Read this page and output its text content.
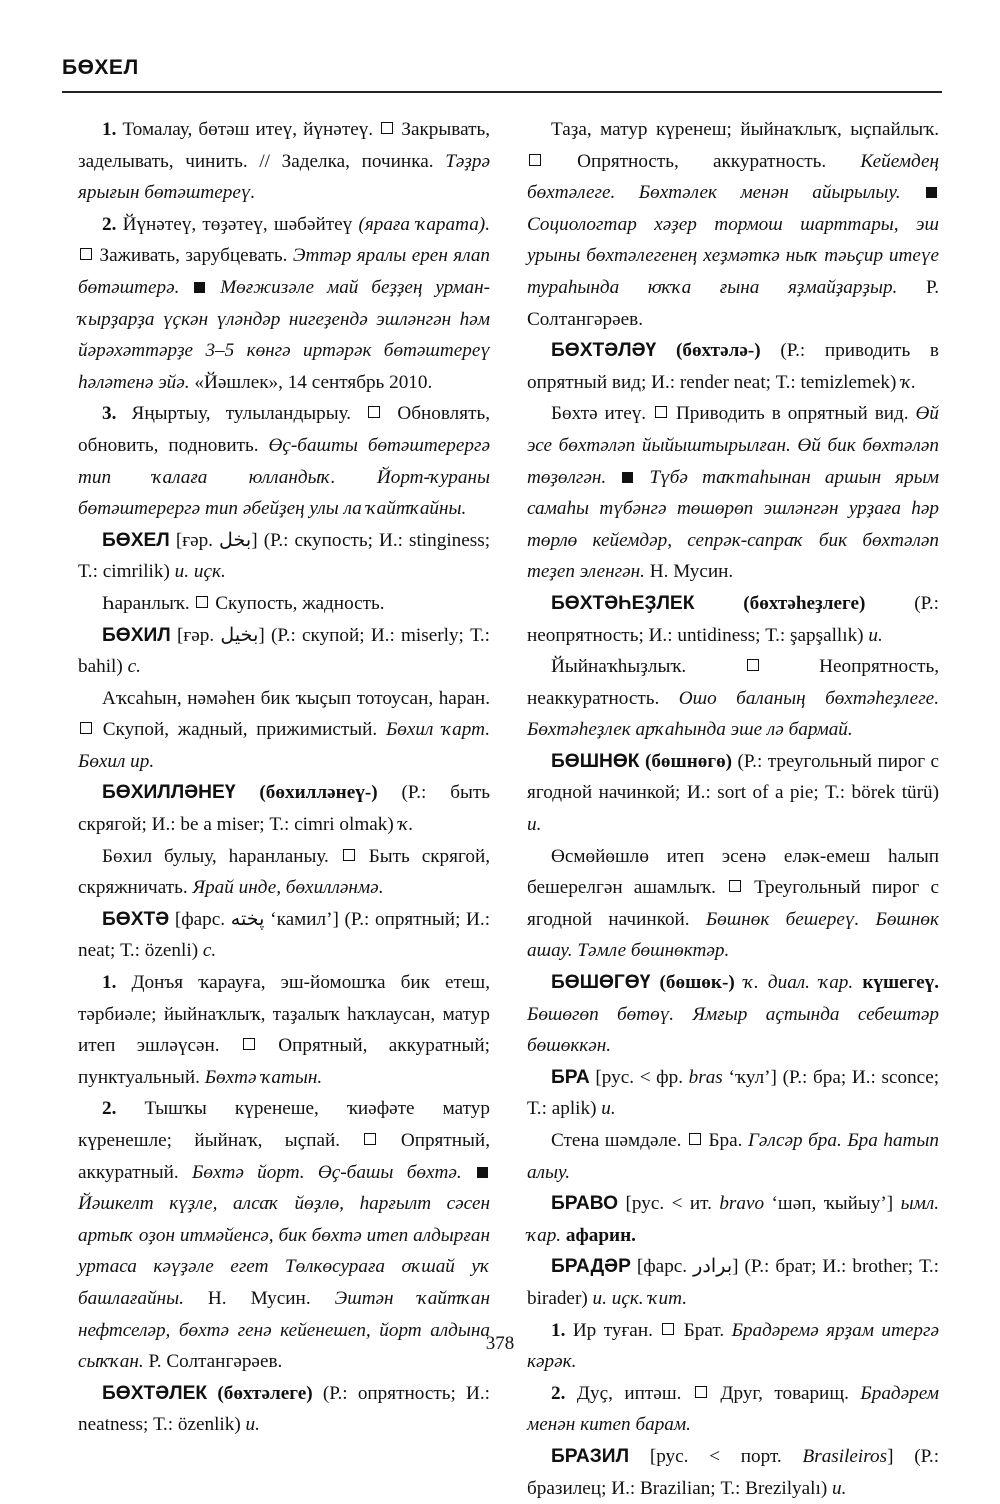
БӨХЕЛ

1. Томалау, бөтәш итеү, йүнәтеү. Закрывать, заделывать, чинить. // Заделка, починка. Тәҙрә ярығын бөтәштереү.

2. Йүнәтеү, төҙәтеү, шәбәйтеү (яраға ҡарата).  Заживать, зарубцевать. Эттәр яралы ерен ялап бөтәштерә. Мөғжизәле май беҙҙең урман-ҡырҙарҙа үҫкән үләндәр нигеҙендә эшләнгән һәм йәрәхәттәрҙе 3–5 көнгә иртәрәк бөтәштереү һәләтенә эйә. «Йәшлек», 14 сентябрь 2010.

3. Яңыртыу, тулыландырыу. Обновлять, обновить, подновить. Өҫ-башты бөтәштерергә тип ҡалаға юлландыҡ. Йорт-ҡураны бөтәштерергә тип әбейҙең улы ла ҡайтҡайны.

БӨХЕЛ [ғәр. بخل] (Р.: скупость; И.: stinginess; Т.: cimrilik) и. иҫк.

Һаранлыҡ. Скупость, жадность.

БӨХИЛ [ғәр. بخيل] (Р.: скупой; И.: miserly; Т.: bahil) с.

Аҡсаһын, нәмәһен бик ҡыҫып тотоусан, һаран.  Скупой, жадный, прижимистый. Бөхил ҡарт. Бөхил ир.

БӨХИЛЛӘНЕҮ (бөхилләнеү-) (Р.: быть скрягой; И.: be a miser; Т.: cimri olmak) ҡ.

Бөхил булыу, һаранланыу. Быть скрягой, скряжничать. Ярай инде, бөхилләнмә.

БӨХТӘ [фарс. پخته ‘камил’] (Р.: опрятный; И.: neat; Т.: özenli) с.

1. Донъя ҡарауға, эш-йомошҡа бик етеш, тәрбиәле; йыйнаҡлыҡ, таҙалыҡ һаҡлаусан, матур итеп эшләүсән.	Опрятный, аккуратный; пунктуальный. Бөхтә ҡатын.

2. Тышҡы күренеше, ҡиәфәте матур күренешле; йыйнаҡ, ыҫпай.	Опрятный, аккуратный. Бөхтә йорт. Өҫ-башы бөхтә.  Йәшкелт күҙле, алсаҡ йөҙлө, һарғылт сәсен артыҡ оҙон итмәйенсә, бик бөхтә итеп алдырған уртаса кәүҙәле егет Төлкөсураға оҡшай уҡ башлағайны. Н. Мусин. Эштән ҡайтҡан нефтселәр, бөхтә генә кейенешеп, йорт алдына сыҡҡан. Р. Солтангәрәев.

БӨХТӘЛЕК (бөхтәлеге) (Р.: опрятность; И.: neatness; Т.: özenlik) и.

Таҙа, матур күренеш; йыйнаҡлыҡ, ыҫпайлыҡ.  Опрятность, аккуратность. Кейемдең бөхтәлеге. Бөхтәлек менән айырылыу.  Социологтар хәҙер тормош шарттары, эш урыны бөхтәлегенең хеҙмәткә ныҡ тәьҫир итеүе тураһында юҡҡа ғына яҙмайҙарҙыр. Р. Солтангәрәев.

БӨХТӘЛӘҮ (бөхтәлә-) (Р.: приводить в опрятный вид; И.: render neat; Т.: temizlemek) ҡ.

Бөхтә итеү. Приводить в опрятный вид. Өй эсе бөхтәләп йыйыштырылған. Өй бик бөхтәләп төҙөлгән. Түбә таҡтаһынан аршын ярым самаһы түбәнгә төшөрөп эшләнгән урҙаға һәр төрлө кейемдәр, сепрәк-сапраҡ бик бөхтәләп теҙеп эленгән. Н. Мусин.

БӨХТӘҺЕҘЛЕК	(бөхтәһеҙлеге)	(Р.: неопрятность; И.: untidiness; Т.: şapşallık) и.

Йыйнаҡһыҙлыҡ.	Неопрятность, неаккуратность. Ошо баланың бөхтәһеҙлеге. Бөхтәһеҙлек арҡаһында эше лә бармай.

БӨШНӨК (бөшнөгө) (Р.: треугольный пирог с ягодной начинкой; И.: sort of a pie; Т.: börek türü) и.

Өсмөйөшлө итеп эсенә еләк-емеш һалып бешерелгән ашамлыҡ. Треугольный пирог с ягодной начинкой. Бөшнөк бешереү. Бөшнөк ашау. Тәмле бөшнөктәр.

БӨШӨГӨҮ (бөшөк-) ҡ. диал. ҡар. күшегеү. Бөшөгөп бөтөү. Ямғыр аҫтында себештәр бөшөккән.

БРА [рус. < фр. bras ‘ҡул’] (Р.: бра; И.: sconce; Т.: aplik) и.

Стена шәмдәле. Бра. Гәлсәр бра. Бра һатып алыу.

БРАВО [рус. < ит. bravo ‘шәп, ҡыйыу’] ымл. ҡар. афарин.

БРАДӘР [фарс. برادر] (Р.: брат; И.: brother; Т.: birader) и. иҫк. ҡит.

1. Ир туған. Брат. Брадәремә ярҙам итергә кәрәк.

2. Дуҫ, иптәш. Друг, товарищ. Брадәрем менән китеп барам.

БРАЗИЛ [рус. < порт. Brasileiros] (Р.: бразилец; И.: Brazilian; Т.: Brezilyalı) и.

378
